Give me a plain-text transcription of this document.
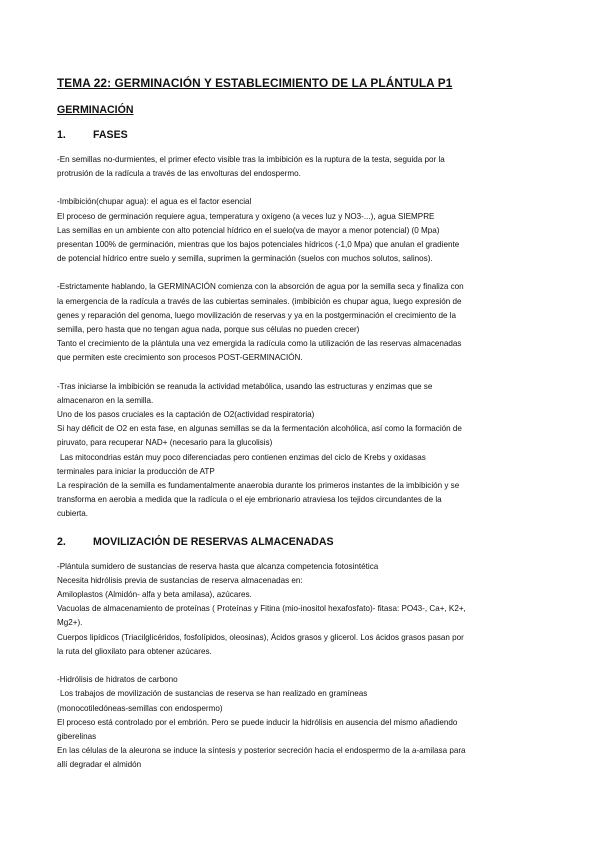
TEMA 22: GERMINACIÓN Y ESTABLECIMIENTO DE LA PLÁNTULA P1
GERMINACIÓN
1.	FASES
-En semillas no-durmientes, el primer efecto visible tras la imbibición es la ruptura de la testa, seguida por la
protrusión de la radícula a través de las envolturas del endospermo.
-Imbibición(chupar agua): el agua es el factor esencial
El proceso de germinación requiere agua, temperatura y oxígeno (a veces luz y NO3-...), agua SIEMPRE
Las semillas en un ambiente con alto potencial hídrico en el suelo(va de mayor a menor potencial) (0 Mpa)
presentan 100% de germinación, mientras que los bajos potenciales hídricos (-1,0 Mpa) que anulan el gradiente
de potencial hídrico entre suelo y semilla, suprimen la germinación (suelos con muchos solutos, salinos).
-Estrictamente hablando, la GERMINACIÓN comienza con la absorción de agua por la semilla seca y finaliza con
la emergencia de la radícula a través de las cubiertas seminales. (imbibición es chupar agua, luego expresión de
genes y reparación del genoma, luego movilización de reservas y ya en la postgerminación el crecimiento de la
semilla, pero hasta que no tengan agua nada, porque sus células no pueden crecer)
Tanto el crecimiento de la plántula una vez emergida la radícula como la utilización de las reservas almacenadas
que permiten este crecimiento son procesos POST-GERMINACIÓN.
-Tras iniciarse la imbibición se reanuda la actividad metabólica, usando las estructuras y enzimas que se
almacenaron en la semilla.
Uno de los pasos cruciales es la captación de O2(actividad respiratoria)
Si hay déficit de O2 en esta fase, en algunas semillas se da la fermentación alcohólica, así como la formación de
piruvato, para recuperar NAD+ (necesario para la glucolisis)
Las mitocondrias están muy poco diferenciadas pero contienen enzimas del ciclo de Krebs y oxidasas
terminales para iniciar la producción de ATP
La respiración de la semilla es fundamentalmente anaerobia durante los primeros instantes de la imbibición y se
transforma en aerobia a medida que la radícula o el eje embrionario atraviesa los tejidos circundantes de la
cubierta.
2.	MOVILIZACIÓN DE RESERVAS ALMACENADAS
-Plántula sumidero de sustancias de reserva hasta que alcanza competencia fotosintética
Necesita hidrólisis previa de sustancias de reserva almacenadas en:
Amiloplastos (Almidón- alfa y beta amilasa), azúcares.
Vacuolas de almacenamiento de proteínas ( Proteínas y Fitina (mio-inositol hexafosfato)- fitasa: PO43-, Ca+, K2+,
Mg2+).
Cuerpos lipídicos (Triacilglicéridos, fosfolípidos, oleosinas), Ácidos grasos y glicerol. Los ácidos grasos pasan por
la ruta del glioxilato para obtener azúcares.
-Hidrólisis de hidratos de carbono
Los trabajos de movilización de sustancias de reserva se han realizado en gramíneas
(monocotiledóneas-semillas con endospermo)
El proceso está controlado por el embrión. Pero se puede inducir la hidrólisis en ausencia del mismo añadiendo
giberelinas
En las células de la aleurona se induce la síntesis y posterior secreción hacia el endospermo de la a-amilasa para
allí degradar el almidón
